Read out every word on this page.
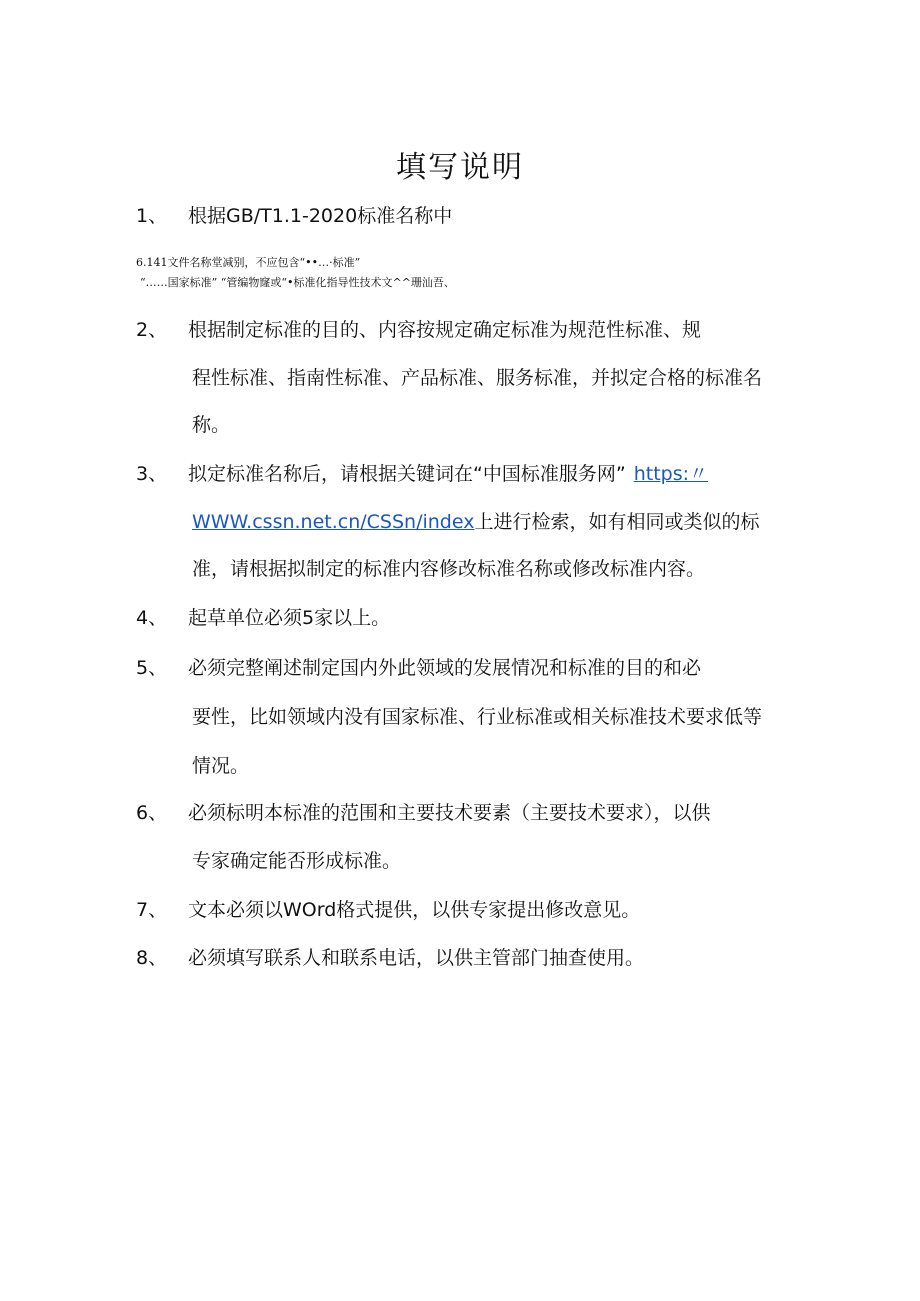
填写说明
1、 根据GB/T1.1-2020标准名称中
6.141文件名称堂减别，不应包含“••…·标准”
“……国家标准” “管编物窿或“•标准化指导性技术文^^珊汕吾、
2、 根据制定标准的目的、内容按规定确定标准为规范性标准、规
程性标准、指南性标准、产品标准、服务标准，并拟定合格的标准名
称。
3、 拟定标准名称后，请根据关键词在“中国标准服务网” https:〃
WWW.cssn.net.cn/CSSn/index上进行检索，如有相同或类似的标
准，请根据拟制定的标准内容修改标准名称或修改标准内容。
4、 起草单位必须5家以上。
5、 必须完整阐述制定国内外此领域的发展情况和标准的目的和必
要性，比如领域内没有国家标准、行业标准或相关标准技术要求低等
情况。
6、 必须标明本标准的范围和主要技术要素（主要技术要求），以供
专家确定能否形成标准。
7、 文本必须以WOrd格式提供，以供专家提出修改意见。
8、 必须填写联系人和联系电话，以供主管部门抽查使用。
